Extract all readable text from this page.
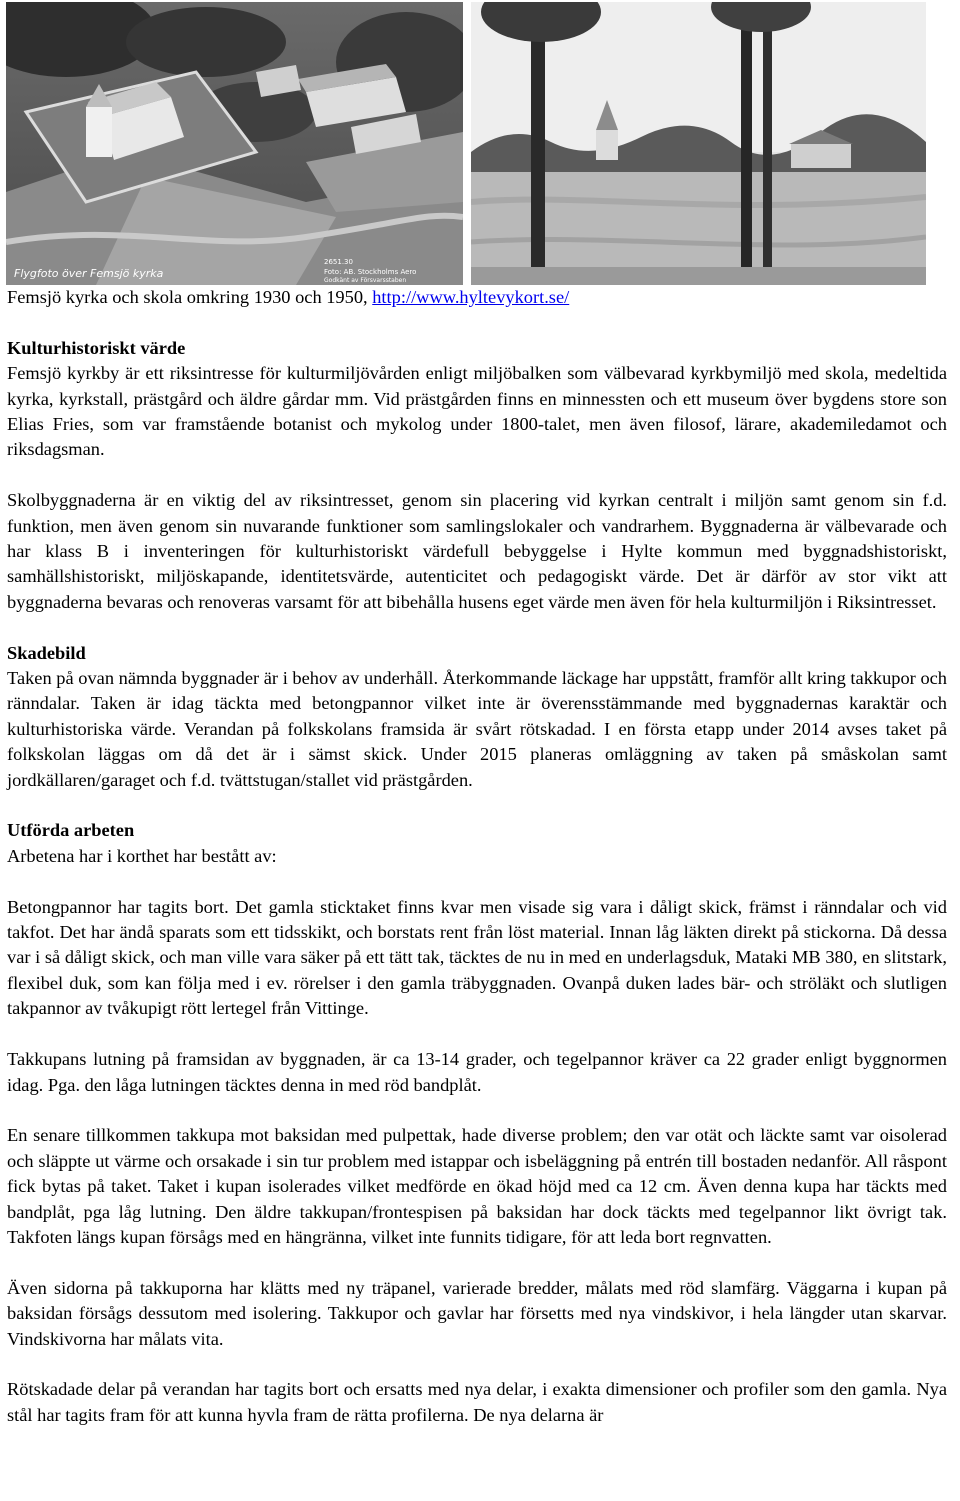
Flygfoto över Femsjö kyrka
2651.30
Foto: AB. Stockholms Aero
Godkänt av Försvarsstaben

Femsjö kyrka och skola omkring 1930 och 1950, http://www.hyltevykort.se/

Kulturhistoriskt värde

Femsjö kyrkby är ett riksintresse för kulturmiljövården enligt miljöbalken som välbevarad kyrkbymiljö med skola, medeltida kyrka, kyrkstall, prästgård och äldre gårdar mm. Vid prästgården finns en minnessten och ett museum över bygdens store son Elias Fries, som var framstående botanist och mykolog under 1800-talet, men även filosof, lärare, akademiledamot och riksdagsman.

Skolbyggnaderna är en viktig del av riksintresset, genom sin placering vid kyrkan centralt i miljön samt genom sin f.d. funktion, men även genom sin nuvarande funktioner som samlingslokaler och vandrarhem. Byggnaderna är välbevarade och har klass B i inventeringen för kulturhistoriskt värdefull bebyggelse i Hylte kommun med byggnadshistoriskt, samhällshistoriskt, miljöskapande, identitetsvärde, autenticitet och pedagogiskt värde. Det är därför av stor vikt att byggnaderna bevaras och renoveras varsamt för att bibehålla husens eget värde men även för hela kulturmiljön i Riksintresset.

Skadebild

Taken på ovan nämnda byggnader är i behov av underhåll. Återkommande läckage har uppstått, framför allt kring takkupor och ränndalar. Taken är idag täckta med betongpannor vilket inte är överensstämmande med byggnadernas karaktär och kulturhistoriska värde. Verandan på folkskolans framsida är svårt rötskadad. I en första etapp under 2014 avses taket på folkskolan läggas om då det är i sämst skick. Under 2015 planeras omläggning av taken på småskolan samt jordkällaren/garaget och f.d. tvättstugan/stallet vid prästgården.

Utförda arbeten

Arbetena har i korthet har bestått av:

Betongpannor har tagits bort. Det gamla sticktaket finns kvar men visade sig vara i dåligt skick, främst i ränndalar och vid takfot. Det har ändå sparats som ett tidsskikt, och borstats rent från löst material. Innan låg läkten direkt på stickorna. Då dessa var i så dåligt skick, och man ville vara säker på ett tätt tak, täcktes de nu in med en underlagsduk, Mataki MB 380, en slitstark, flexibel duk, som kan följa med i ev. rörelser i den gamla träbyggnaden. Ovanpå duken lades bär- och ströläkt och slutligen takpannor av tvåkupigt rött lertegel från Vittinge.

Takkupans lutning på framsidan av byggnaden, är ca 13-14 grader, och tegelpannor kräver ca 22 grader enligt byggnormen idag. Pga. den låga lutningen täcktes denna in med röd bandplåt.

En senare tillkommen takkupa mot baksidan med pulpettak, hade diverse problem; den var otät och läckte samt var oisolerad och släppte ut värme och orsakade i sin tur problem med istappar och isbeläggning på entrén till bostaden nedanför. All råspont fick bytas på taket. Taket i kupan isolerades vilket medförde en ökad höjd med ca 12 cm. Även denna kupa har täckts med bandplåt, pga låg lutning. Den äldre takkupan/frontespisen på baksidan har dock täckts med tegelpannor likt övrigt tak. Takfoten längs kupan försågs med en hängränna, vilket inte funnits tidigare, för att leda bort regnvatten.

Även sidorna på takkuporna har klätts med ny träpanel, varierade bredder, målats med röd slamfärg. Väggarna i kupan på baksidan försågs dessutom med isolering. Takkupor och gavlar har försetts med nya vindskivor, i hela längder utan skarvar. Vindskivorna har målats vita.

Rötskadade delar på verandan har tagits bort och ersatts med nya delar, i exakta dimensioner och profiler som den gamla. Nya stål har tagits fram för att kunna hyvla fram de rätta profilerna. De nya delarna är
